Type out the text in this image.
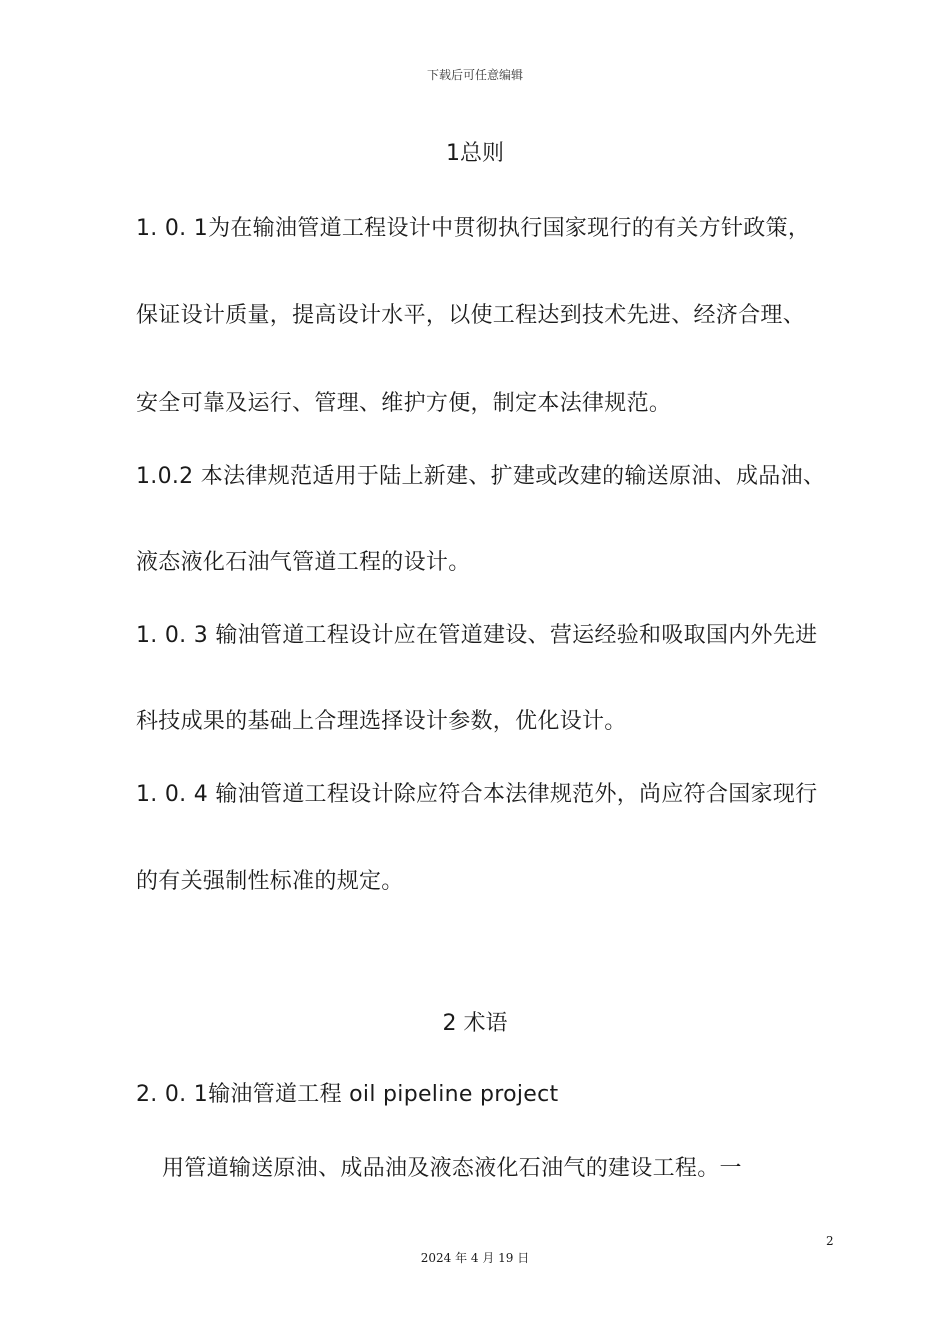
下载后可任意编辑
1总则
1. 0. 1为在输油管道工程设计中贯彻执行国家现行的有关方针政策，
保证设计质量，提高设计水平，以使工程达到技术先进、经济合理、
安全可靠及运行、管理、维护方便，制定本法律规范。
1.0.2 本法律规范适用于陆上新建、扩建或改建的输送原油、成品油、
液态液化石油气管道工程的设计。
1. 0. 3 输油管道工程设计应在管道建设、营运经验和吸取国内外先进
科技成果的基础上合理选择设计参数，优化设计。
1. 0. 4 输油管道工程设计除应符合本法律规范外，尚应符合国家现行
的有关强制性标准的规定。
2 术语
2. 0. 1输油管道工程 oil pipeline project
用管道输送原油、成品油及液态液化石油气的建设工程。一
2
2024 年 4 月 19 日
